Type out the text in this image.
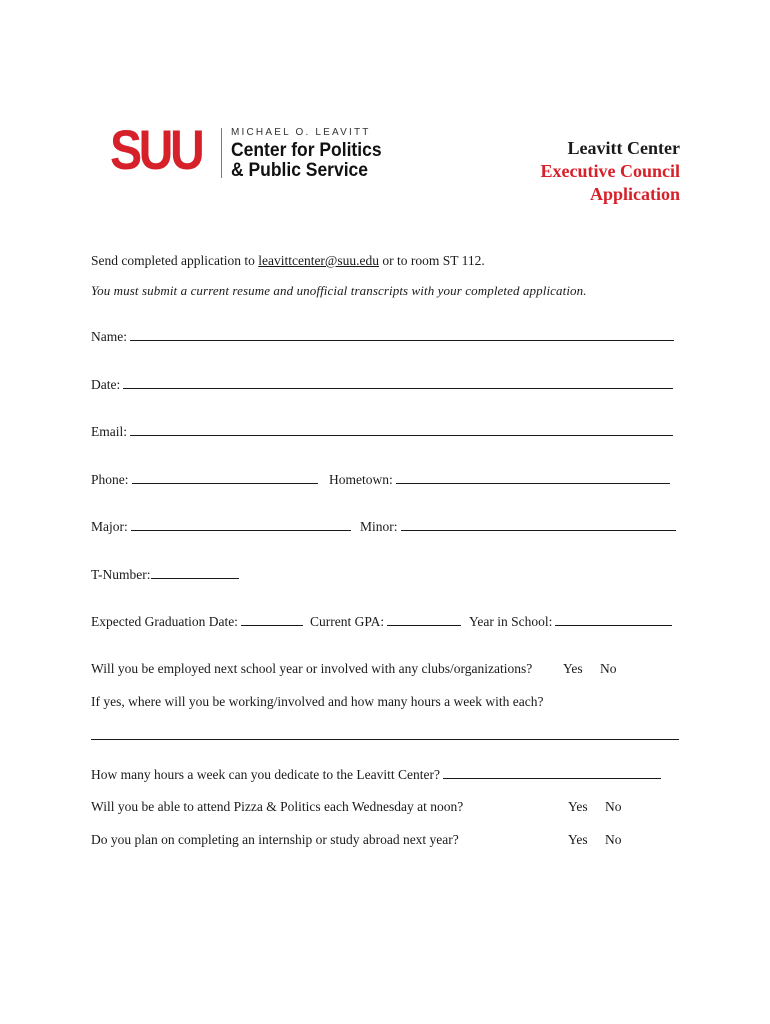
SUU	MICHAEL O. LEAVITT
Center for Politics
& Public Service
Leavitt Center
Executive Council
Application
Send completed application to leavittcenter@suu.edu or to room ST 112.
You must submit a current resume and unofficial transcripts with your completed application.
Name:
Date:
Email:
Phone:	Hometown:
Major:	Minor:
T-Number:
Expected Graduation Date:	Current GPA:	Year in School:
Will you be employed next school year or involved with any clubs/organizations? Yes No
If yes, where will you be working/involved and how many hours a week with each?
How many hours a week can you dedicate to the Leavitt Center?
Will you be able to attend Pizza & Politics each Wednesday at noon?	Yes No
Do you plan on completing an internship or study abroad next year?	Yes No
